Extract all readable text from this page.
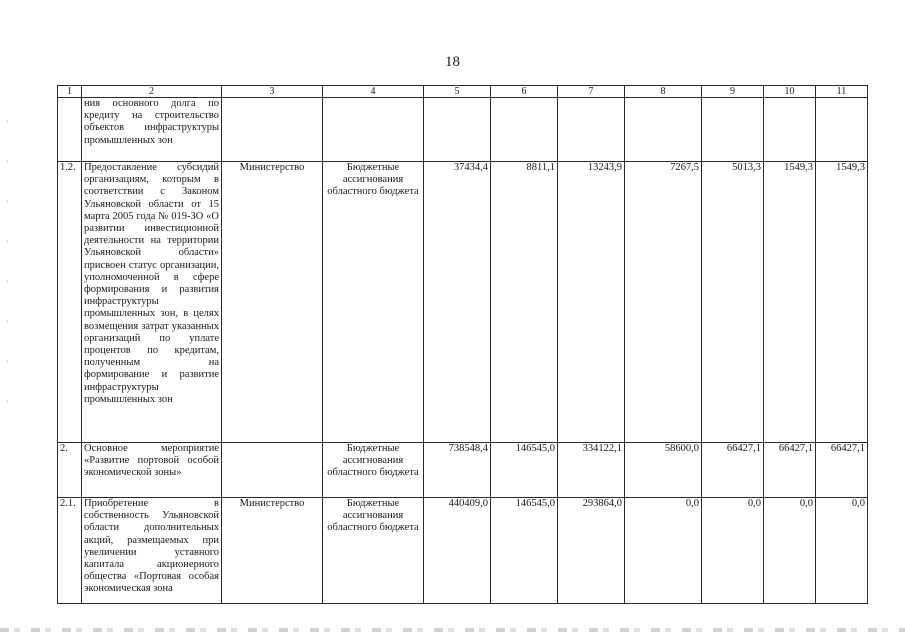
18
1	2	3	4	5	6	7	8	9	10	11
	ния основного долга по кредиту на строительство объектов инфраструктуры промышленных зон									
1.2.	Предоставление субсидий организациям, которым в соответствии с Законом Ульяновской области от 15 марта 2005 года № 019-ЗО «О развитии инвестиционной деятельности на территории Ульяновской области» присвоен статус организации, уполномоченной в сфере формирования и развития инфраструктуры промышленных зон, в целях возмещения затрат указанных организаций по уплате процентов по кредитам, полученным на формирование и развитие инфраструктуры промышленных зон	Министерство	Бюджетные ассигнования областного бюджета	37434,4	8811,1	13243,9	7267,5	5013,3	1549,3	1549,3
2.	Основное мероприятие «Развитие портовой особой экономической зоны»		Бюджетные ассигнования областного бюджета	738548,4	146545,0	334122,1	58600,0	66427,1	66427,1	66427,1
2.1.	Приобретение в собственность Ульяновской области дополнительных акций, размещаемых при увеличении уставного капитала акционерного общества «Портовая особая экономическая зона	Министерство	Бюджетные ассигнования областного бюджета	440409,0	146545,0	293864,0	0,0	0,0	0,0	0,0
